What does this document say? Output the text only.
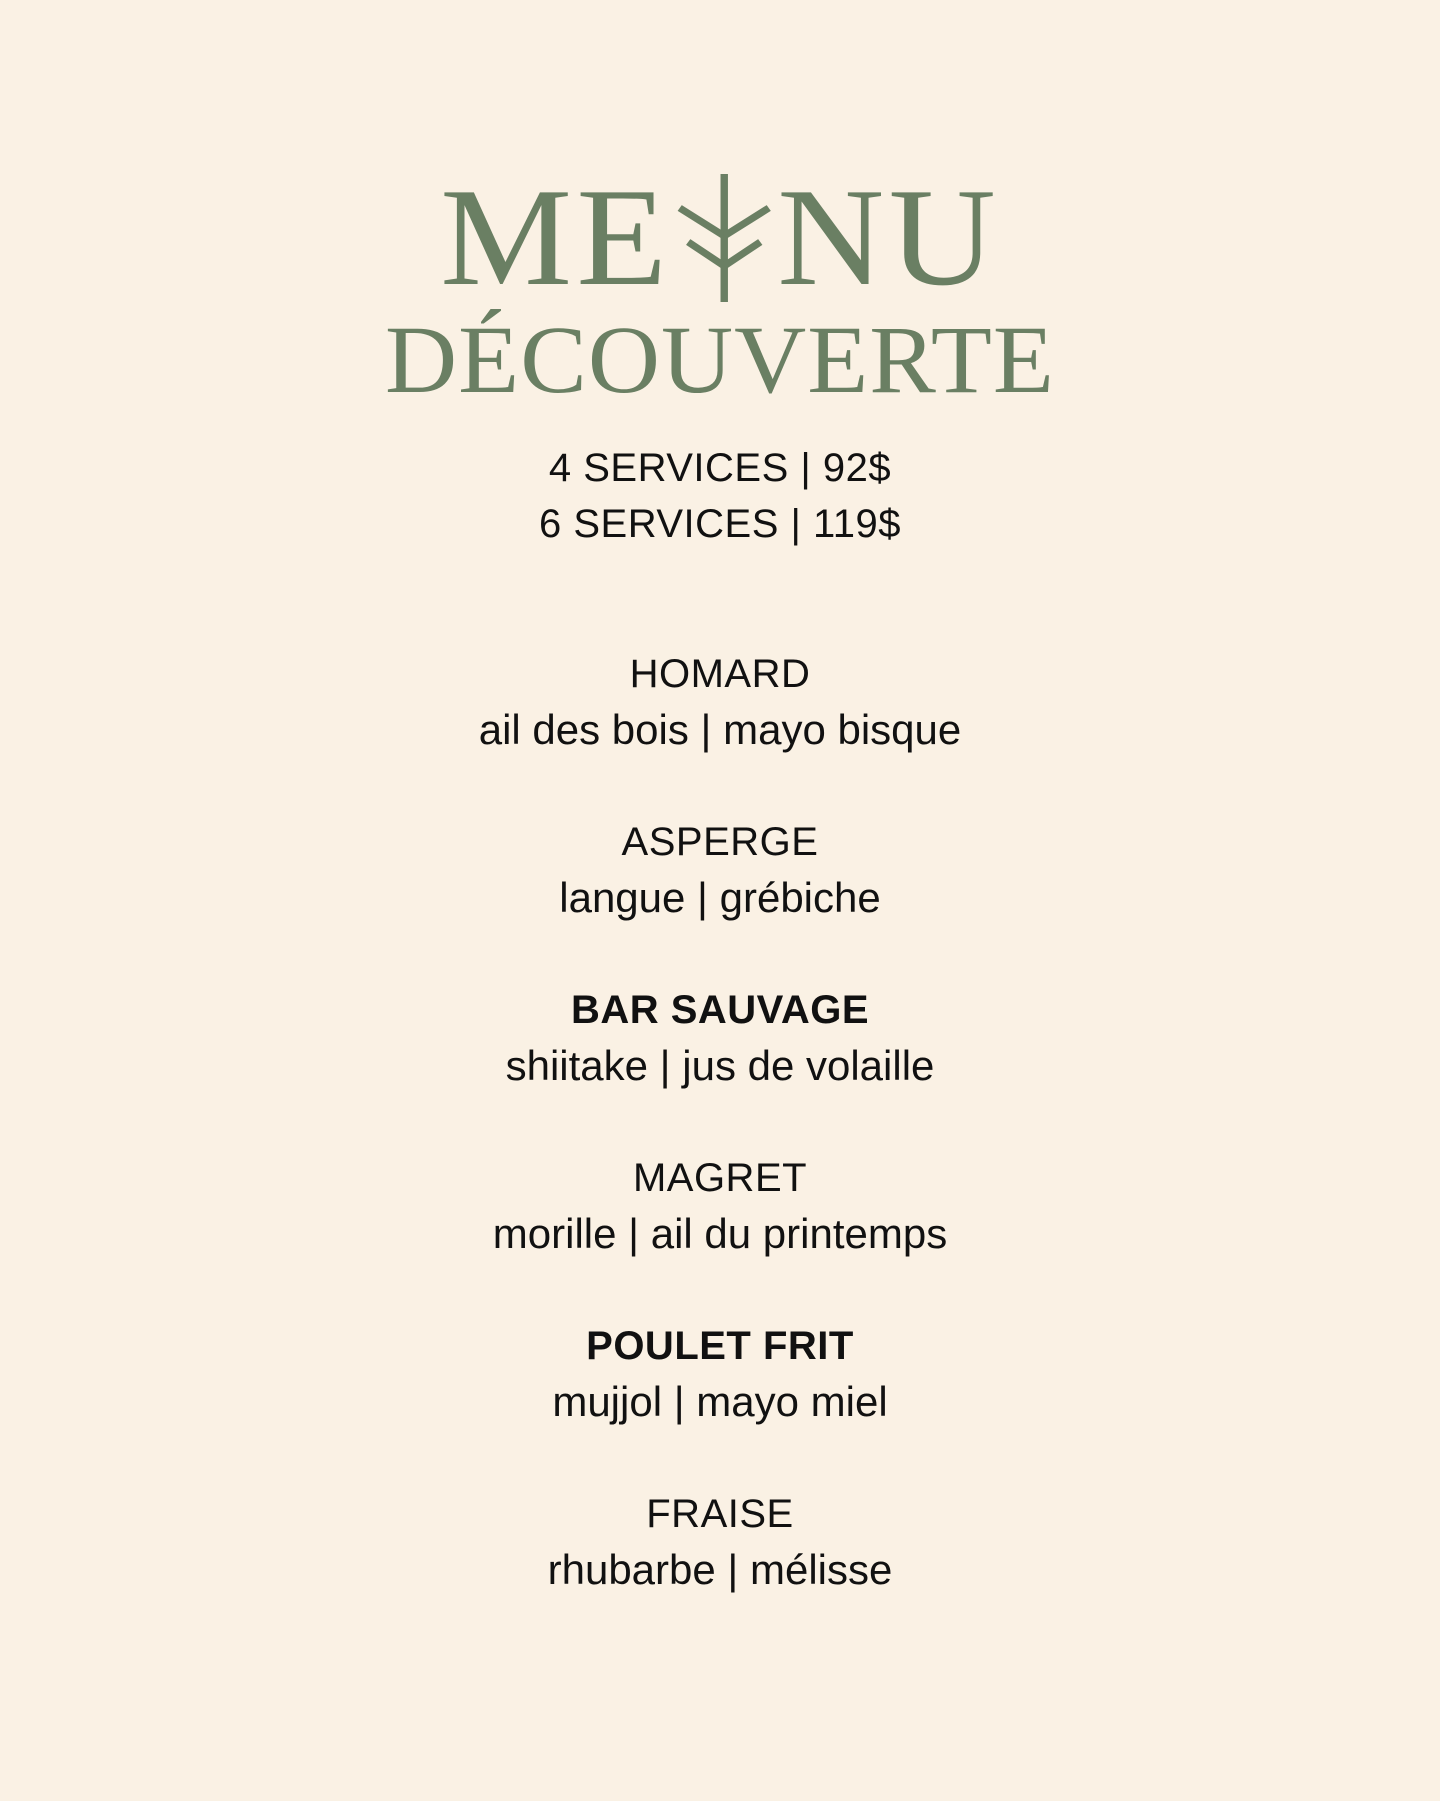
ME NU
DÉCOUVERTE
4 SERVICES | 92$
6 SERVICES | 119$
HOMARD
ail des bois | mayo bisque
ASPERGE
langue | grébiche
BAR SAUVAGE
shiitake | jus de volaille
MAGRET
morille | ail du printemps
POULET FRIT
mujjol | mayo miel
FRAISE
rhubarbe | mélisse
